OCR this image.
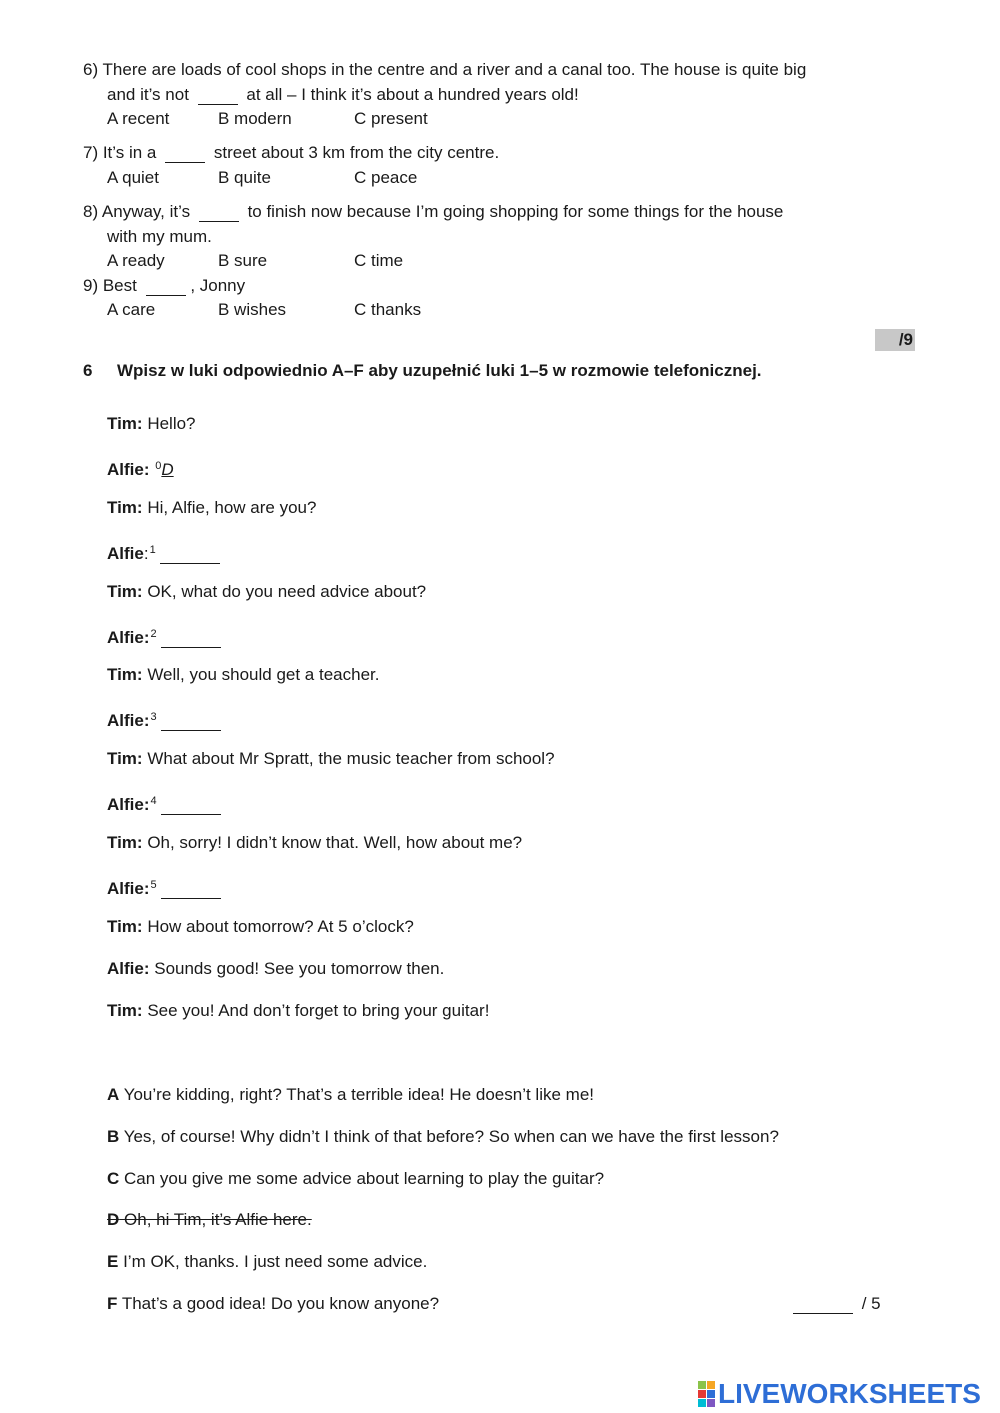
6) There are loads of cool shops in the centre and a river and a canal too. The house is quite big
and it’s not	at all – I think it’s about a hundred years old!
A recent	B modern	C present
7) It’s in a	street about 3 km from the city centre.
A quiet	B quite	C peace
8) Anyway, it’s	to finish now because I’m going shopping for some things for the house
with my mum.
A ready	B sure	C time
9) Best	, Jonny
A care	B wishes	C thanks
/9
6 Wpisz w luki odpowiednio A–F aby uzupełnić luki 1–5 w rozmowie telefonicznej.
Tim: Hello?
Alfie: $^0$D
Tim: Hi, Alfie, how are you?
Alfie:$^1$
Tim: OK, what do you need advice about?
Alfie:$^2$
Tim: Well, you should get a teacher.
Alfie:$^3$
Tim: What about Mr Spratt, the music teacher from school?
Alfie:$^4$
Tim: Oh, sorry! I didn’t know that. Well, how about me?
Alfie:$^5$
Tim: How about tomorrow? At 5 o’clock?
Alfie: Sounds good! See you tomorrow then.
Tim: See you! And don’t forget to bring your guitar!
A You’re kidding, right? That’s a terrible idea! He doesn’t like me!
B Yes, of course! Why didn’t I think of that before? So when can we have the first lesson?
C Can you give me some advice about learning to play the guitar?
D Oh, hi Tim, it’s Alfie here.
E I’m OK, thanks. I just need some advice.
F That’s a good idea! Do you know anyone?	/ 5
LIVEWORKSHEETS
